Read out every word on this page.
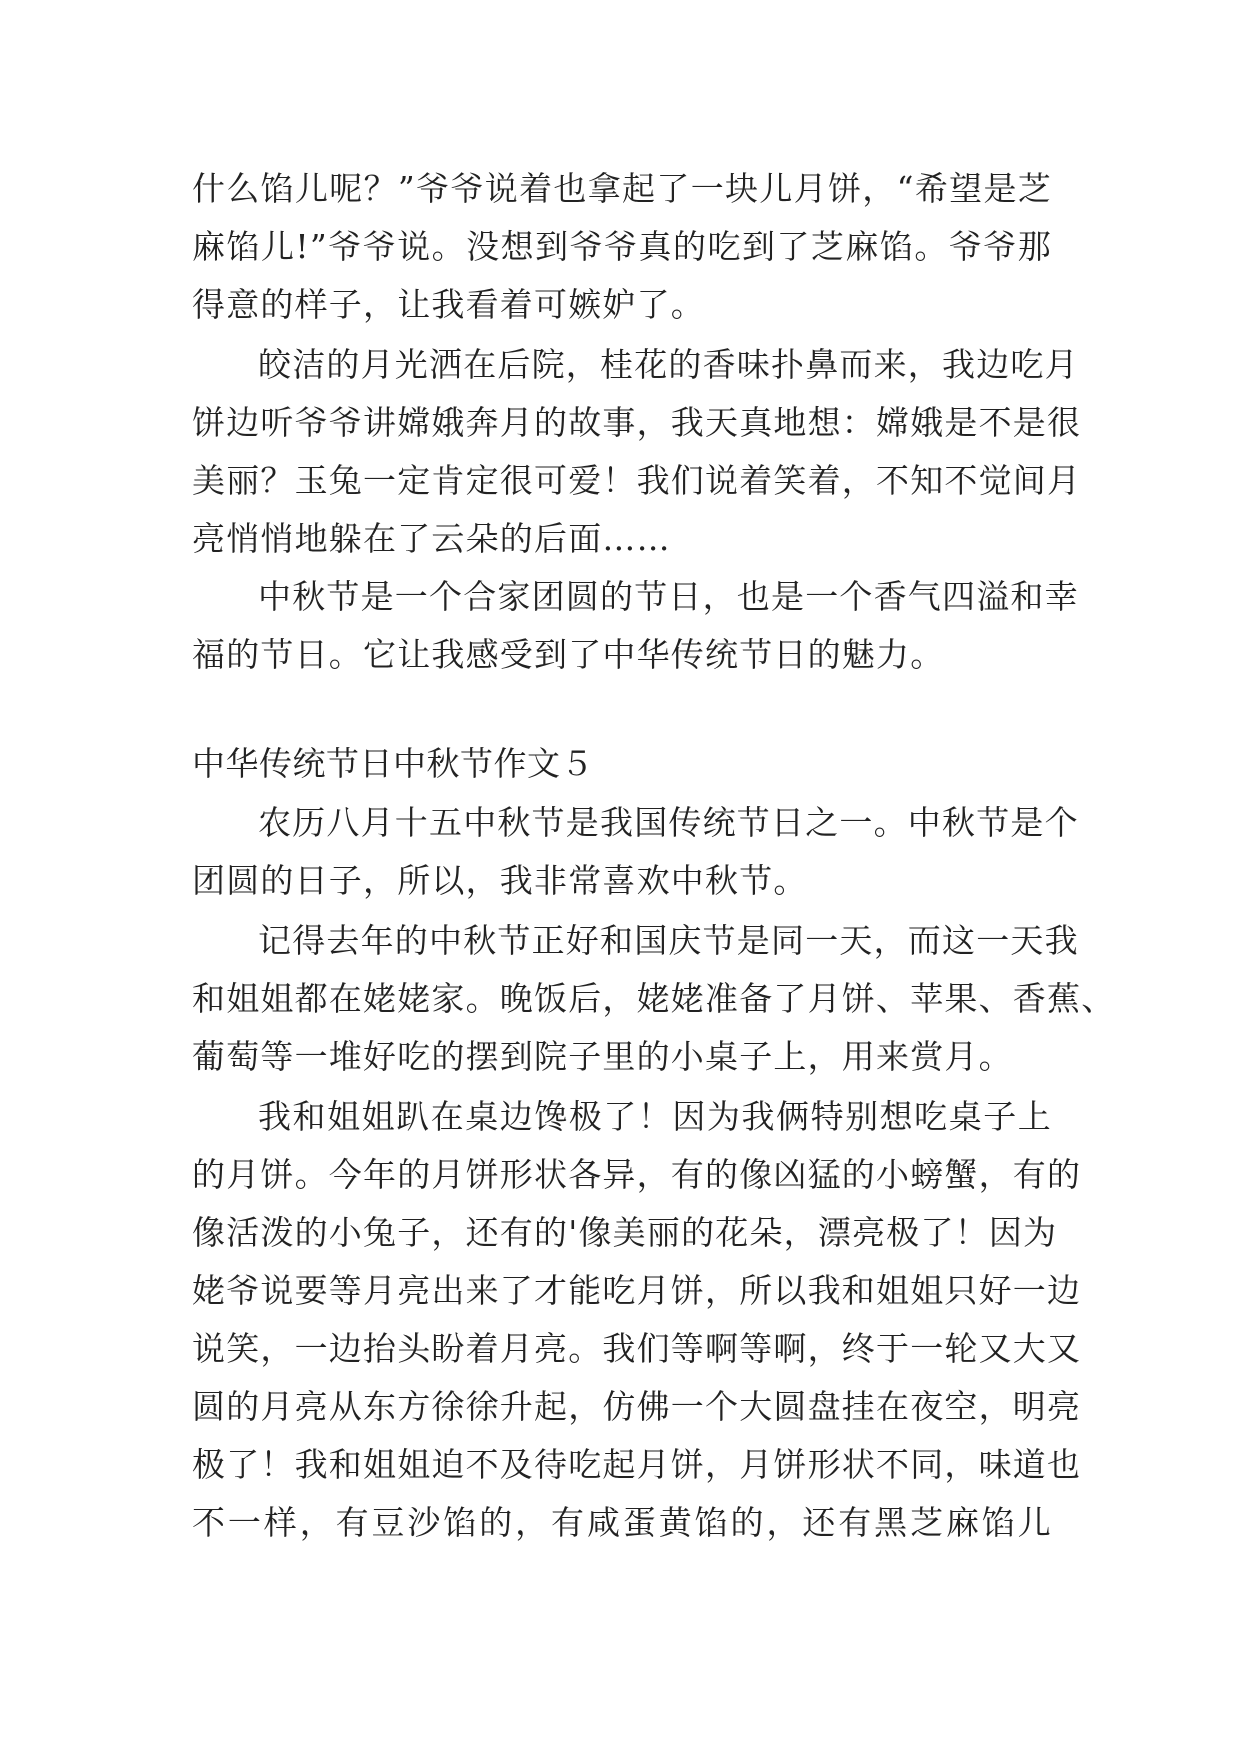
什么馅儿呢？”爷爷说着也拿起了一块儿月饼，“希望是芝
麻馅儿!”爷爷说。没想到爷爷真的吃到了芝麻馅。爷爷那
得意的样子，让我看着可嫉妒了。
皎洁的月光洒在后院，桂花的香味扑鼻而来，我边吃月
饼边听爷爷讲嫦娥奔月的故事，我天真地想：嫦娥是不是很
美丽？玉兔一定肯定很可爱！我们说着笑着，不知不觉间月
亮悄悄地躲在了云朵的后面……
中秋节是一个合家团圆的节日，也是一个香气四溢和幸
福的节日。它让我感受到了中华传统节日的魅力。
中华传统节日中秋节作文５
农历八月十五中秋节是我国传统节日之一。中秋节是个
团圆的日子，所以，我非常喜欢中秋节。
记得去年的中秋节正好和国庆节是同一天，而这一天我
和姐姐都在姥姥家。晚饭后，姥姥准备了月饼、苹果、香蕉、
葡萄等一堆好吃的摆到院子里的小桌子上，用来赏月。
我和姐姐趴在桌边馋极了！因为我俩特别想吃桌子上
的月饼。今年的月饼形状各异，有的像凶猛的小螃蟹，有的
像活泼的小兔子，还有的'像美丽的花朵，漂亮极了！因为
姥爷说要等月亮出来了才能吃月饼，所以我和姐姐只好一边
说笑，一边抬头盼着月亮。我们等啊等啊，终于一轮又大又
圆的月亮从东方徐徐升起，仿佛一个大圆盘挂在夜空，明亮
极了！我和姐姐迫不及待吃起月饼，月饼形状不同，味道也
不一样，有豆沙馅的，有咸蛋黄馅的，还有黑芝麻馅儿
